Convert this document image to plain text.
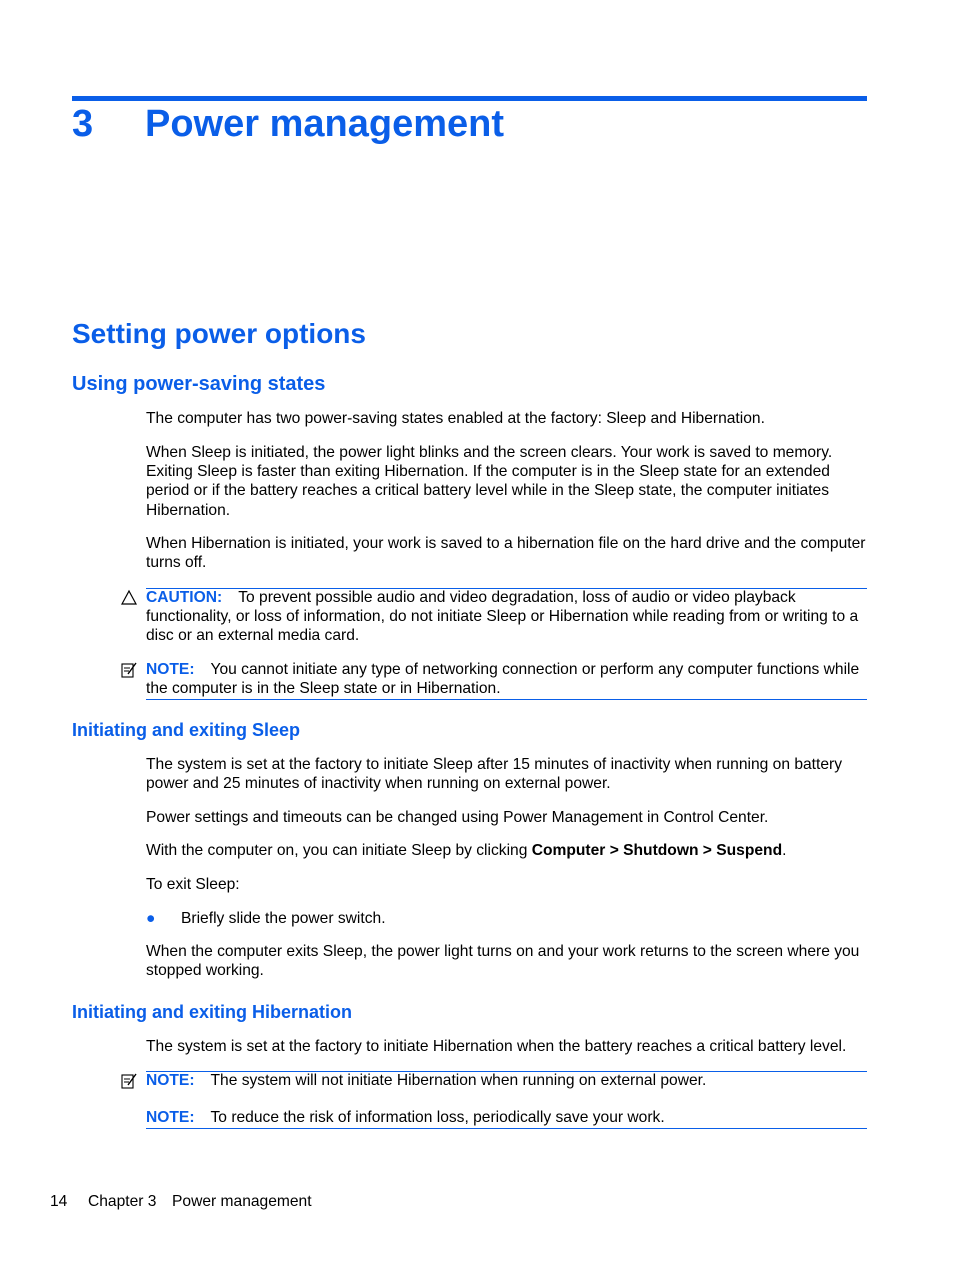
3 Power management
Setting power options
Using power-saving states
The computer has two power-saving states enabled at the factory: Sleep and Hibernation.
When Sleep is initiated, the power light blinks and the screen clears. Your work is saved to memory. Exiting Sleep is faster than exiting Hibernation. If the computer is in the Sleep state for an extended period or if the battery reaches a critical battery level while in the Sleep state, the computer initiates Hibernation.
When Hibernation is initiated, your work is saved to a hibernation file on the hard drive and the computer turns off.
CAUTION: To prevent possible audio and video degradation, loss of audio or video playback functionality, or loss of information, do not initiate Sleep or Hibernation while reading from or writing to a disc or an external media card.
NOTE: You cannot initiate any type of networking connection or perform any computer functions while the computer is in the Sleep state or in Hibernation.
Initiating and exiting Sleep
The system is set at the factory to initiate Sleep after 15 minutes of inactivity when running on battery power and 25 minutes of inactivity when running on external power.
Power settings and timeouts can be changed using Power Management in Control Center.
With the computer on, you can initiate Sleep by clicking Computer > Shutdown > Suspend.
To exit Sleep:
● Briefly slide the power switch.
When the computer exits Sleep, the power light turns on and your work returns to the screen where you stopped working.
Initiating and exiting Hibernation
The system is set at the factory to initiate Hibernation when the battery reaches a critical battery level.
NOTE: The system will not initiate Hibernation when running on external power.
NOTE: To reduce the risk of information loss, periodically save your work.
14 Chapter 3 Power management
